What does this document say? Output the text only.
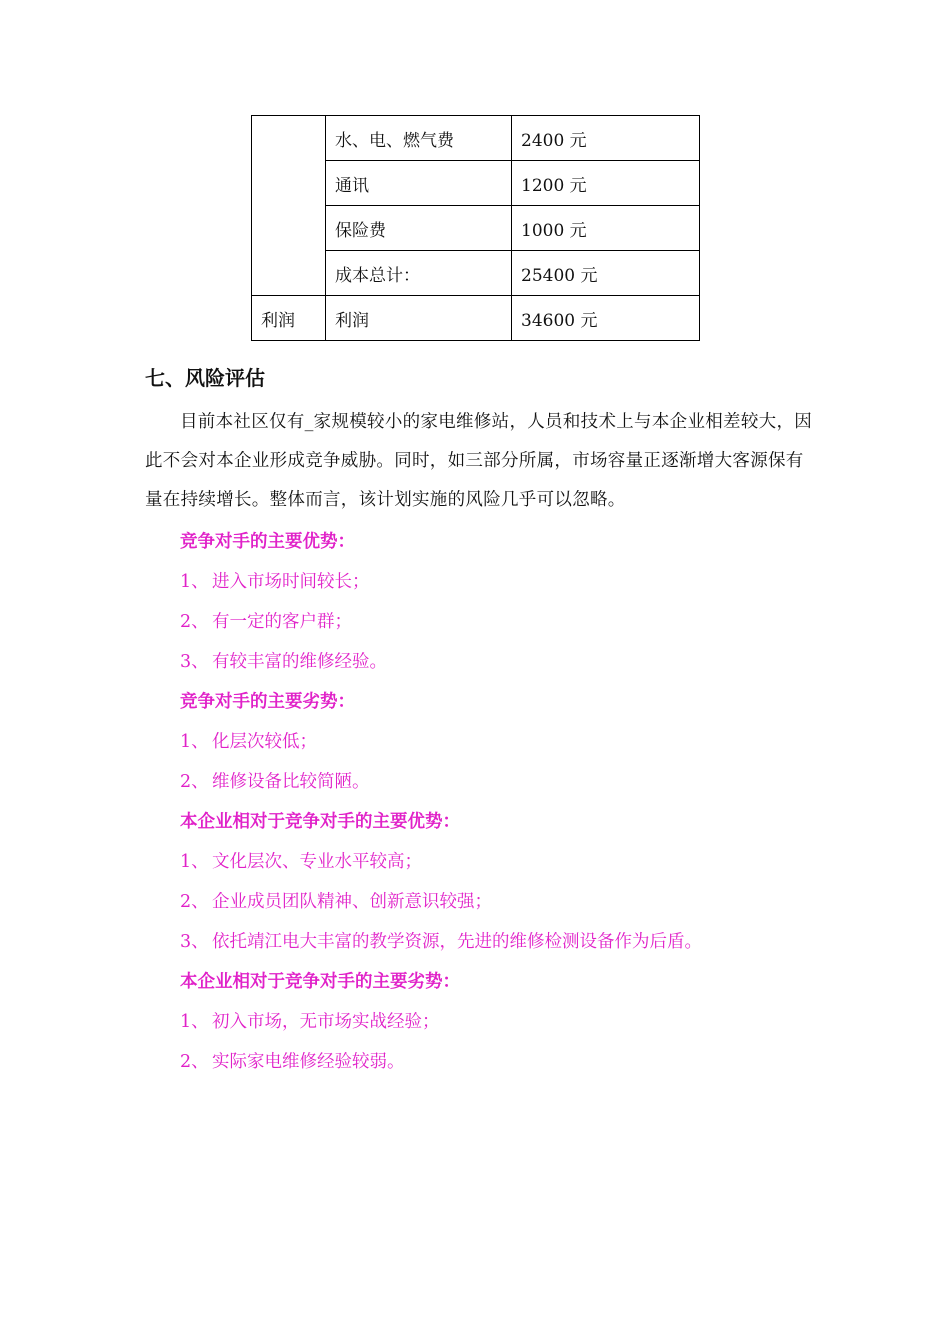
	水、电、燃气费	2400 元
	通讯	1200 元
	保险费	1000 元
	成本总计：	25400 元
利润	利润	34600 元
七、风险评估

目前本社区仅有_家规模较小的家电维修站，人员和技术上与本企业相差较大，因此不会对本企业形成竞争威胁。同时，如三部分所属，市场容量正逐渐增大客源保有量在持续增长。整体而言，该计划实施的风险几乎可以忽略。

竞争对手的主要优势：

1、 进入市场时间较长；

2、 有一定的客户群；

3、 有较丰富的维修经验。

竞争对手的主要劣势：

1、 化层次较低；

2、 维修设备比较简陋。

本企业相对于竞争对手的主要优势：

1、 文化层次、专业水平较高；

2、 企业成员团队精神、创新意识较强；

3、 依托靖江电大丰富的教学资源，先进的维修检测设备作为后盾。

本企业相对于竞争对手的主要劣势：

1、 初入市场，无市场实战经验；

2、 实际家电维修经验较弱。
